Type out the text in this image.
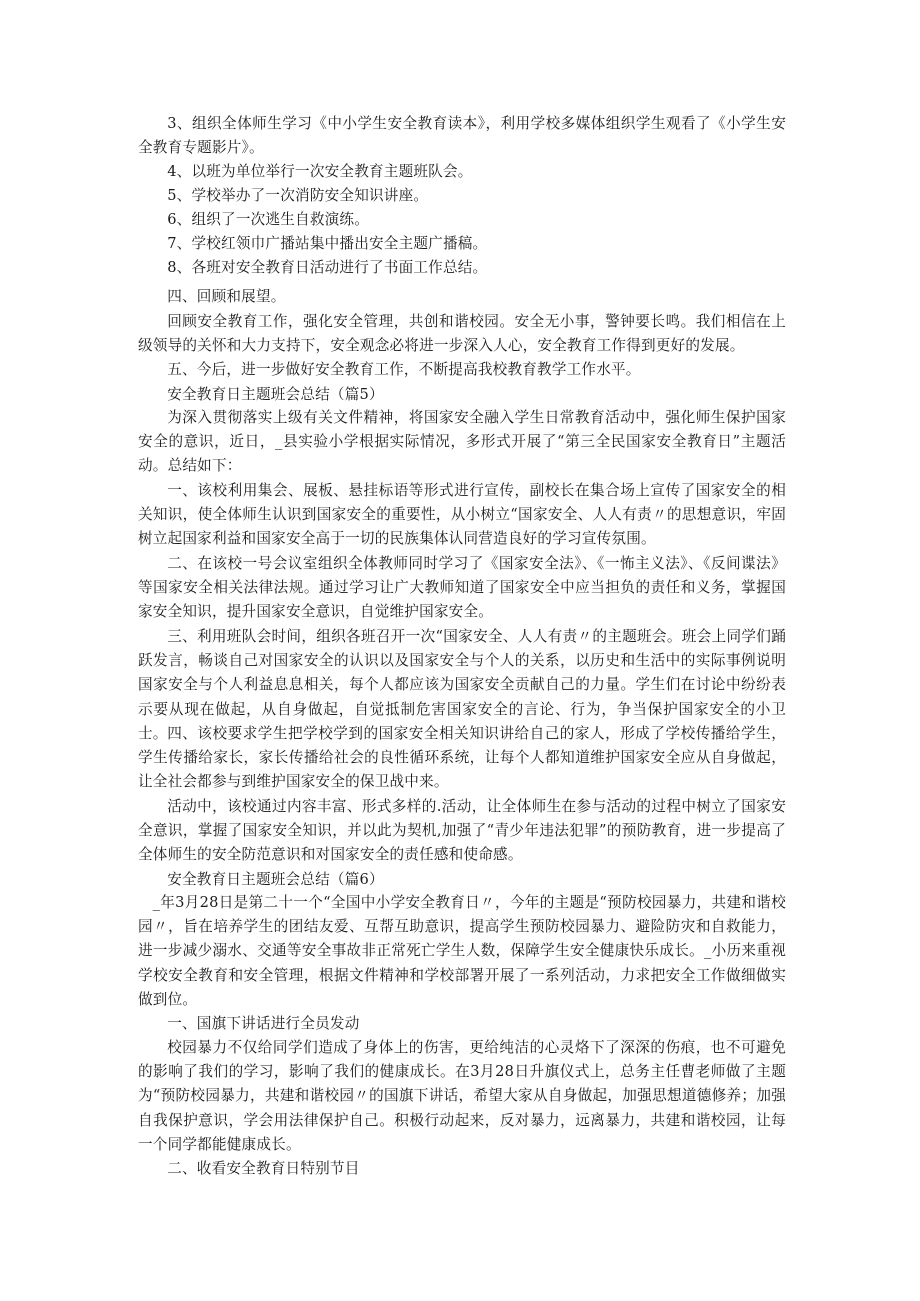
3、组织全体师生学习《中小学生安全教育读本》，利用学校多媒体组织学生观看了《小学生安全教育专题影片》。
4、以班为单位举行一次安全教育主题班队会。
5、学校举办了一次消防安全知识讲座。
6、组织了一次逃生自救演练。
7、学校红领巾广播站集中播出安全主题广播稿。
8、各班对安全教育日活动进行了书面工作总结。
四、回顾和展望。
回顾安全教育工作，强化安全管理，共创和谐校园。安全无小事，警钟要长鸣。我们相信在上级领导的关怀和大力支持下，安全观念必将进一步深入人心，安全教育工作得到更好的发展。
五、今后，进一步做好安全教育工作，不断提高我校教育教学工作水平。
安全教育日主题班会总结（篇5）
为深入贯彻落实上级有关文件精神，将国家安全融入学生日常教育活动中，强化师生保护国家安全的意识，近日，_县实验小学根据实际情况，多形式开展了“第三全民国家安全教育日”主题活动。总结如下：
一、该校利用集会、展板、悬挂标语等形式进行宣传，副校长在集合场上宣传了国家安全的相关知识，使全体师生认识到国家安全的重要性，从小树立“国家安全、人人有责〃的思想意识，牢固树立起国家利益和国家安全高于一切的民族集体认同营造良好的学习宣传氛围。
二、在该校一号会议室组织全体教师同时学习了《国家安全法》、《一怖主义法》、《反间谍法》等国家安全相关法律法规。通过学习让广大教师知道了国家安全中应当担负的责任和义务，掌握国家安全知识，提升国家安全意识，自觉维护国家安全。
三、利用班队会时间，组织各班召开一次“国家安全、人人有责〃的主题班会。班会上同学们踊跃发言，畅谈自己对国家安全的认识以及国家安全与个人的关系，以历史和生活中的实际事例说明国家安全与个人利益息息相关，每个人都应该为国家安全贡献自己的力量。学生们在讨论中纷纷表示要从现在做起，从自身做起，自觉抵制危害国家安全的言论、行为，争当保护国家安全的小卫士。 四、该校要求学生把学校学到的国家安全相关知识讲给自己的家人，形成了学校传播给学生，学生传播给家长，家长传播给社会的良性循环系统，让每个人都知道维护国家安全应从自身做起，让全社会都参与到维护国家安全的保卫战中来。
活动中，该校通过内容丰富、形式多样的.活动，让全体师生在参与活动的过程中树立了国家安全意识，掌握了国家安全知识，并以此为契机,加强了“青少年违法犯罪”的预防教育，进一步提高了全体师生的安全防范意识和对国家安全的责任感和使命感。
安全教育日主题班会总结（篇6）
_年3月28日是第二十一个“全国中小学安全教育日〃，今年的主题是“预防校园暴力，共建和谐校园〃，旨在培养学生的团结友爱、互帮互助意识，提高学生预防校园暴力、避险防灾和自救能力，进一步减少溺水、交通等安全事故非正常死亡学生人数，保障学生安全健康快乐成长。_小历来重视学校安全教育和安全管理，根据文件精神和学校部署开展了一系列活动，力求把安全工作做细做实做到位。
一、国旗下讲话进行全员发动
校园暴力不仅给同学们造成了身体上的伤害，更给纯洁的心灵烙下了深深的伤痕，也不可避免的影响了我们的学习，影响了我们的健康成长。在3月28日升旗仪式上，总务主任曹老师做了主题为“预防校园暴力，共建和谐校园〃的国旗下讲话，希望大家从自身做起，加强思想道德修养；加强自我保护意识，学会用法律保护自己。积极行动起来，反对暴力，远离暴力，共建和谐校园，让每一个同学都能健康成长。
二、收看安全教育日特别节目
